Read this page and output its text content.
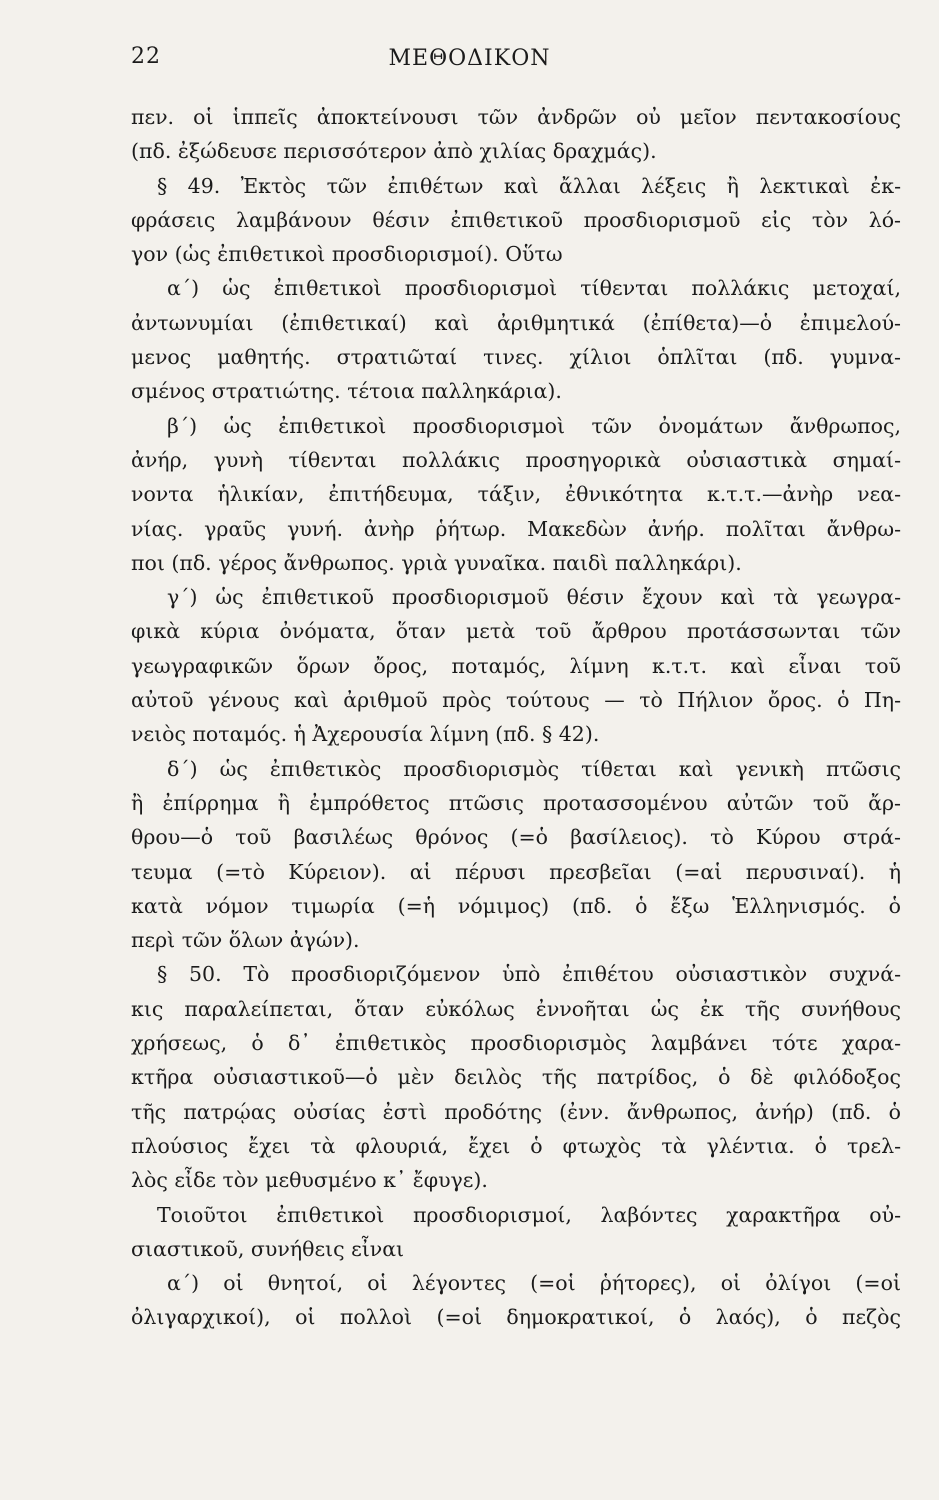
22	ΜΕΘΟΔΙΚΟΝ
πεν. οἱ ἱππεῖς ἀποκτείνουσι τῶν ἀνδρῶν οὐ μεῖον πεντακοσίους
(πδ. ἐξώδευσε περισσότερον ἀπὸ χιλίας δραχμάς).
§ 49. Ἐκτὸς τῶν ἐπιθέτων καὶ ἄλλαι λέξεις ἢ λεκτικαὶ ἐκ-
φράσεις λαμβάνουν θέσιν ἐπιθετικοῦ προσδιορισμοῦ εἰς τὸν λό-
γον (ὡς ἐπιθετικοὶ προσδιορισμοί). Οὕτω
α΄) ὡς ἐπιθετικοὶ προσδιορισμοὶ τίθενται πολλάκις μετοχαί,
ἀντωνυμίαι (ἐπιθετικαί) καὶ ἀριθμητικά (ἐπίθετα)—ὁ ἐπιμελού-
μενος μαθητής. στρατιῶταί τινες. χίλιοι ὁπλῖται (πδ. γυμνα-
σμένος στρατιώτης. τέτοια παλληκάρια).
β΄) ὡς ἐπιθετικοὶ προσδιορισμοὶ τῶν ὀνομάτων ἄνθρωπος,
ἀνήρ, γυνὴ τίθενται πολλάκις προσηγορικὰ οὐσιαστικὰ σημαί-
νοντα ἡλικίαν, ἐπιτήδευμα, τάξιν, ἐθνικότητα κ.τ.τ.—ἀνὴρ νεα-
νίας. γραῦς γυνή. ἀνὴρ ῥήτωρ. Μακεδὼν ἀνήρ. πολῖται ἄνθρω-
ποι (πδ. γέρος ἄνθρωπος. γριὰ γυναῖκα. παιδὶ παλληκάρι).
γ΄) ὡς ἐπιθετικοῦ προσδιορισμοῦ θέσιν ἔχουν καὶ τὰ γεωγρα-
φικὰ κύρια ὀνόματα, ὅταν μετὰ τοῦ ἄρθρου προτάσσωνται τῶν
γεωγραφικῶν ὅρων ὄρος, ποταμός, λίμνη κ.τ.τ. καὶ εἶναι τοῦ
αὐτοῦ γένους καὶ ἀριθμοῦ πρὸς τούτους — τὸ Πήλιον ὄρος. ὁ Πη-
νειὸς ποταμός. ἡ Ἀχερουσία λίμνη (πδ. § 42).
δ΄) ὡς ἐπιθετικὸς προσδιορισμὸς τίθεται καὶ γενικὴ πτῶσις
ἢ ἐπίρρημα ἢ ἐμπρόθετος πτῶσις προτασσομένου αὐτῶν τοῦ ἄρ-
θρου—ὁ τοῦ βασιλέως θρόνος (=ὁ βασίλειος). τὸ Κύρου στρά-
τευμα (=τὸ Κύρειον). αἱ πέρυσι πρεσβεῖαι (=αἱ περυσιναί). ἡ
κατὰ νόμον τιμωρία (=ἡ νόμιμος) (πδ. ὁ ἔξω Ἑλληνισμός. ὁ
περὶ τῶν ὅλων ἀγών).
§ 50. Τὸ προσδιοριζόμενον ὑπὸ ἐπιθέτου οὐσιαστικὸν συχνά-
κις παραλείπεται, ὅταν εὐκόλως ἐννοῆται ὡς ἐκ τῆς συνήθους
χρήσεως, ὁ δ᾽ ἐπιθετικὸς προσδιορισμὸς λαμβάνει τότε χαρα-
κτῆρα οὐσιαστικοῦ—ὁ μὲν δειλὸς τῆς πατρίδος, ὁ δὲ φιλόδοξος
τῆς πατρῴας οὐσίας ἐστὶ προδότης (ἐνν. ἄνθρωπος, ἀνήρ) (πδ. ὁ
πλούσιος ἔχει τὰ φλουριά, ἔχει ὁ φτωχὸς τὰ γλέντια. ὁ τρελ-
λὸς εἶδε τὸν μεθυσμένο κ᾽ ἔφυγε).
Τοιοῦτοι ἐπιθετικοὶ προσδιορισμοί, λαβόντες χαρακτῆρα οὐ-
σιαστικοῦ, συνήθεις εἶναι
α΄) οἱ θνητοί, οἱ λέγοντες (=οἱ ῥήτορες), οἱ ὀλίγοι (=οἱ
ὀλιγαρχικοί), οἱ πολλοὶ (=οἱ δημοκρατικοί, ὁ λαός), ὁ πεζὸς
